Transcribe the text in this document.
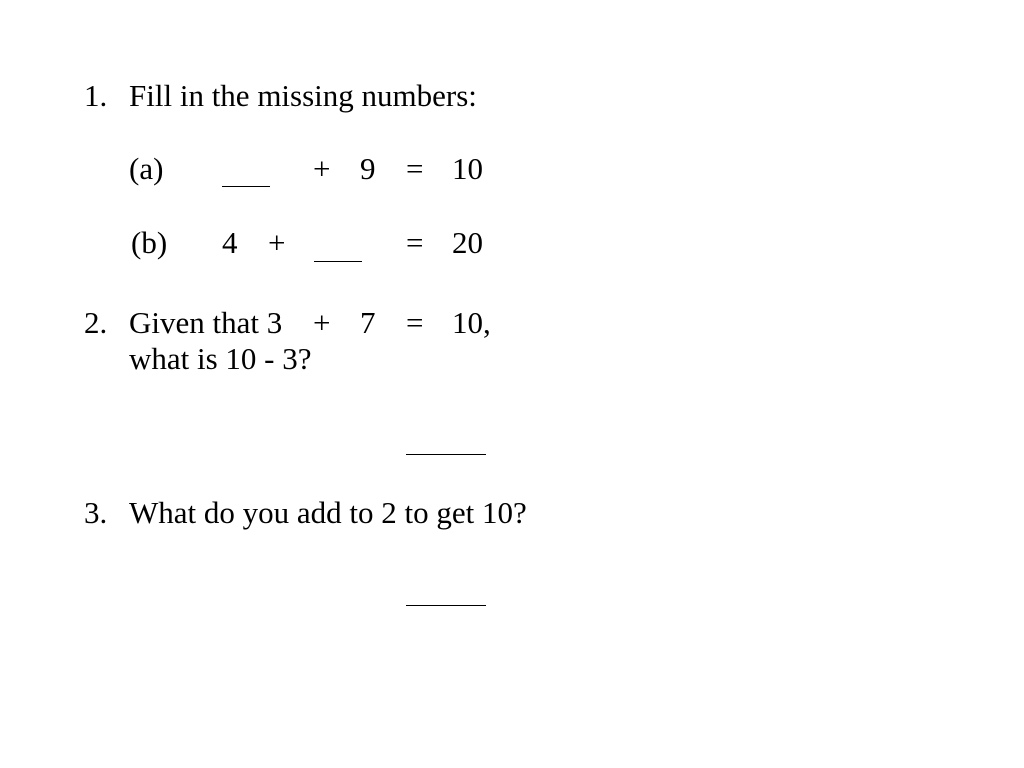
1. Fill in the missing numbers:
(a)	+ 9 = 10
(b) 4 +	= 20
2. Given that 3 + 7 = 10,
what is 10 - 3?
3. What do you add to 2 to get 10?
